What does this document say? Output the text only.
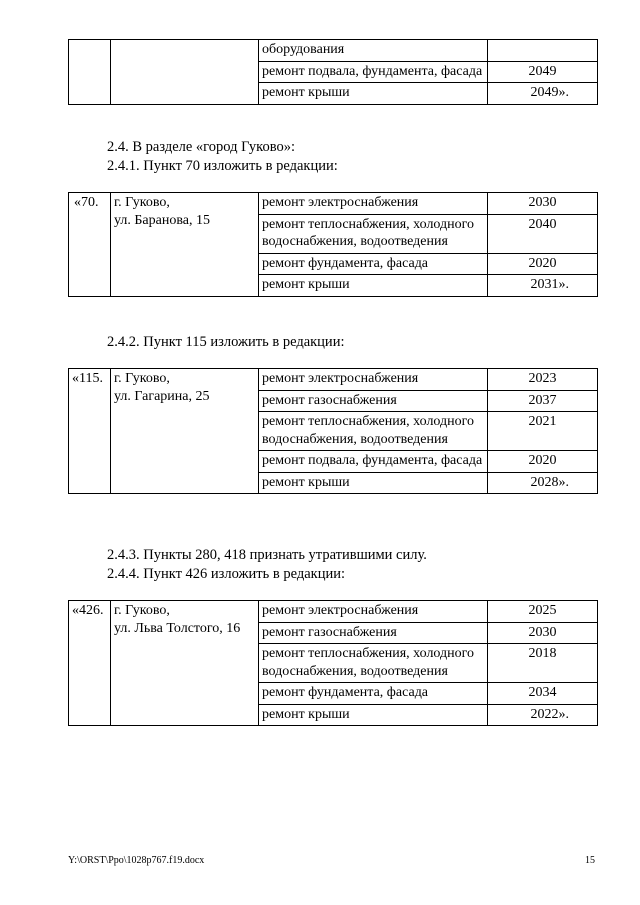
		оборудования	
		ремонт подвала, фундамента, фасада	2049
		ремонт крыши	2049».
2.4. В разделе «город Гуково»:
2.4.1. Пункт 70 изложить в редакции:
«70.	г. Гуково,
ул. Баранова, 15	ремонт электроснабжения	2030
		ремонт теплоснабжения, холодного водоснабжения, водоотведения	2040
		ремонт фундамента, фасада	2020
		ремонт крыши	2031».
2.4.2. Пункт 115 изложить в редакции:
«115.	г. Гуково,
ул. Гагарина, 25	ремонт электроснабжения	2023
		ремонт газоснабжения	2037
		ремонт теплоснабжения, холодного водоснабжения, водоотведения	2021
		ремонт подвала, фундамента, фасада	2020
		ремонт крыши	2028».
2.4.3. Пункты 280, 418 признать утратившими силу.
2.4.4. Пункт 426 изложить в редакции:
«426.	г. Гуково,
ул. Льва Толстого, 16	ремонт электроснабжения	2025
		ремонт газоснабжения	2030
		ремонт теплоснабжения, холодного водоснабжения, водоотведения	2018
		ремонт фундамента, фасада	2034
		ремонт крыши	2022».
Y:\ORST\Ppo\1028p767.f19.docx	15
